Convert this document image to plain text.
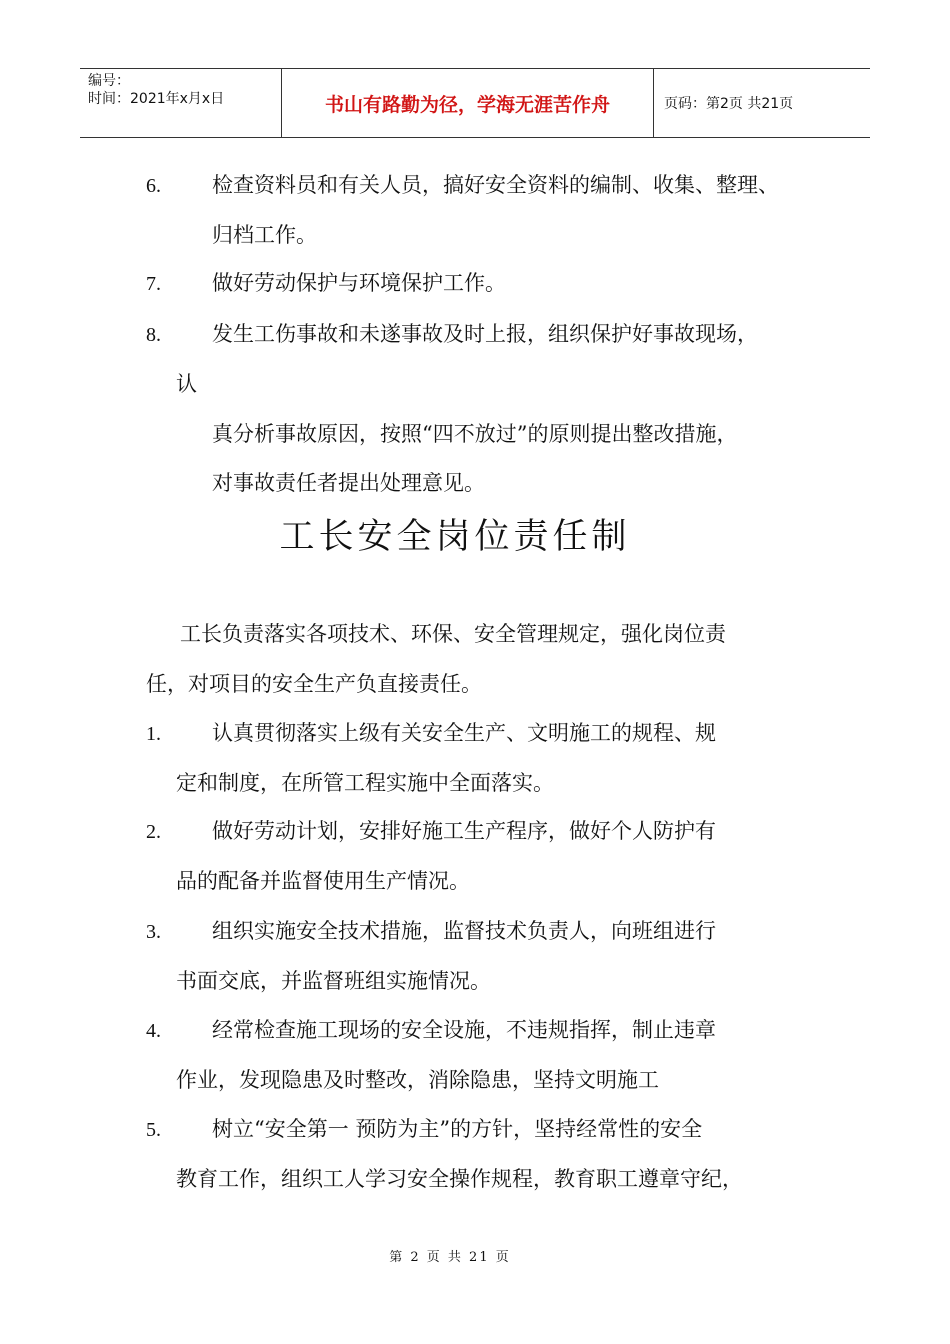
编号：
时间：2021年x月x日	书山有路勤为径，学海无涯苦作舟	页码：第2页 共21页
6. 检查资料员和有关人员，搞好安全资料的编制、收集、整理、
归档工作。
7. 做好劳动保护与环境保护工作。
8. 发生工伤事故和未遂事故及时上报，组织保护好事故现场，
认
真分析事故原因，按照“四不放过”的原则提出整改措施，
对事故责任者提出处理意见。
工长安全岗位责任制
工长负责落实各项技术、环保、安全管理规定，强化岗位责
任，对项目的安全生产负直接责任。
1. 认真贯彻落实上级有关安全生产、文明施工的规程、规
定和制度，在所管工程实施中全面落实。
2. 做好劳动计划，安排好施工生产程序，做好个人防护有
品的配备并监督使用生产情况。
3. 组织实施安全技术措施，监督技术负责人，向班组进行
书面交底，并监督班组实施情况。
4. 经常检查施工现场的安全设施，不违规指挥，制止违章
作业，发现隐患及时整改，消除隐患，坚持文明施工
5. 树立“安全第一 预防为主”的方针，坚持经常性的安全
教育工作，组织工人学习安全操作规程，教育职工遵章守纪，
第 2 页 共 21 页
